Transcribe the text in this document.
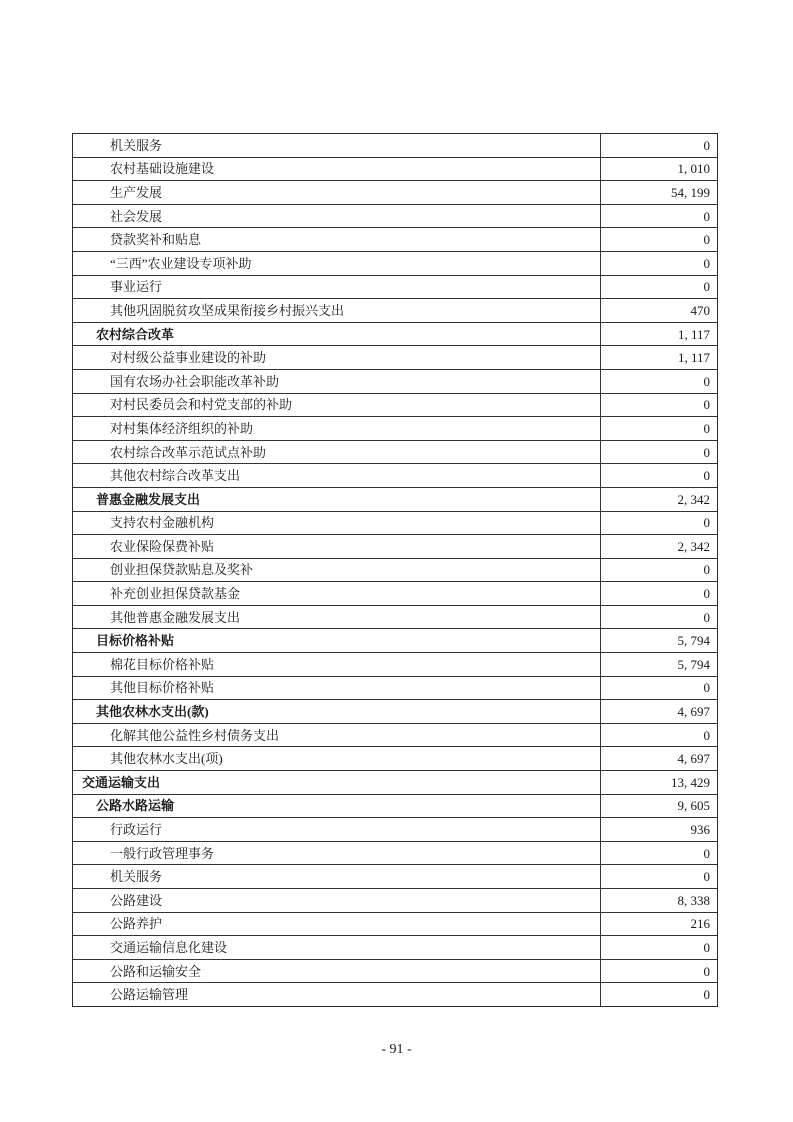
机关服务	0
农村基础设施建设	1, 010
生产发展	54, 199
社会发展	0
贷款奖补和贴息	0
“三西”农业建设专项补助	0
事业运行	0
其他巩固脱贫攻坚成果衔接乡村振兴支出	470
农村综合改革	1, 117
对村级公益事业建设的补助	1, 117
国有农场办社会职能改革补助	0
对村民委员会和村党支部的补助	0
对村集体经济组织的补助	0
农村综合改革示范试点补助	0
其他农村综合改革支出	0
普惠金融发展支出	2, 342
支持农村金融机构	0
农业保险保费补贴	2, 342
创业担保贷款贴息及奖补	0
补充创业担保贷款基金	0
其他普惠金融发展支出	0
目标价格补贴	5, 794
棉花目标价格补贴	5, 794
其他目标价格补贴	0
其他农林水支出(款)	4, 697
化解其他公益性乡村债务支出	0
其他农林水支出(项)	4, 697
交通运输支出	13, 429
公路水路运输	9, 605
行政运行	936
一般行政管理事务	0
机关服务	0
公路建设	8, 338
公路养护	216
交通运输信息化建设	0
公路和运输安全	0
公路运输管理	0
- 91 -
